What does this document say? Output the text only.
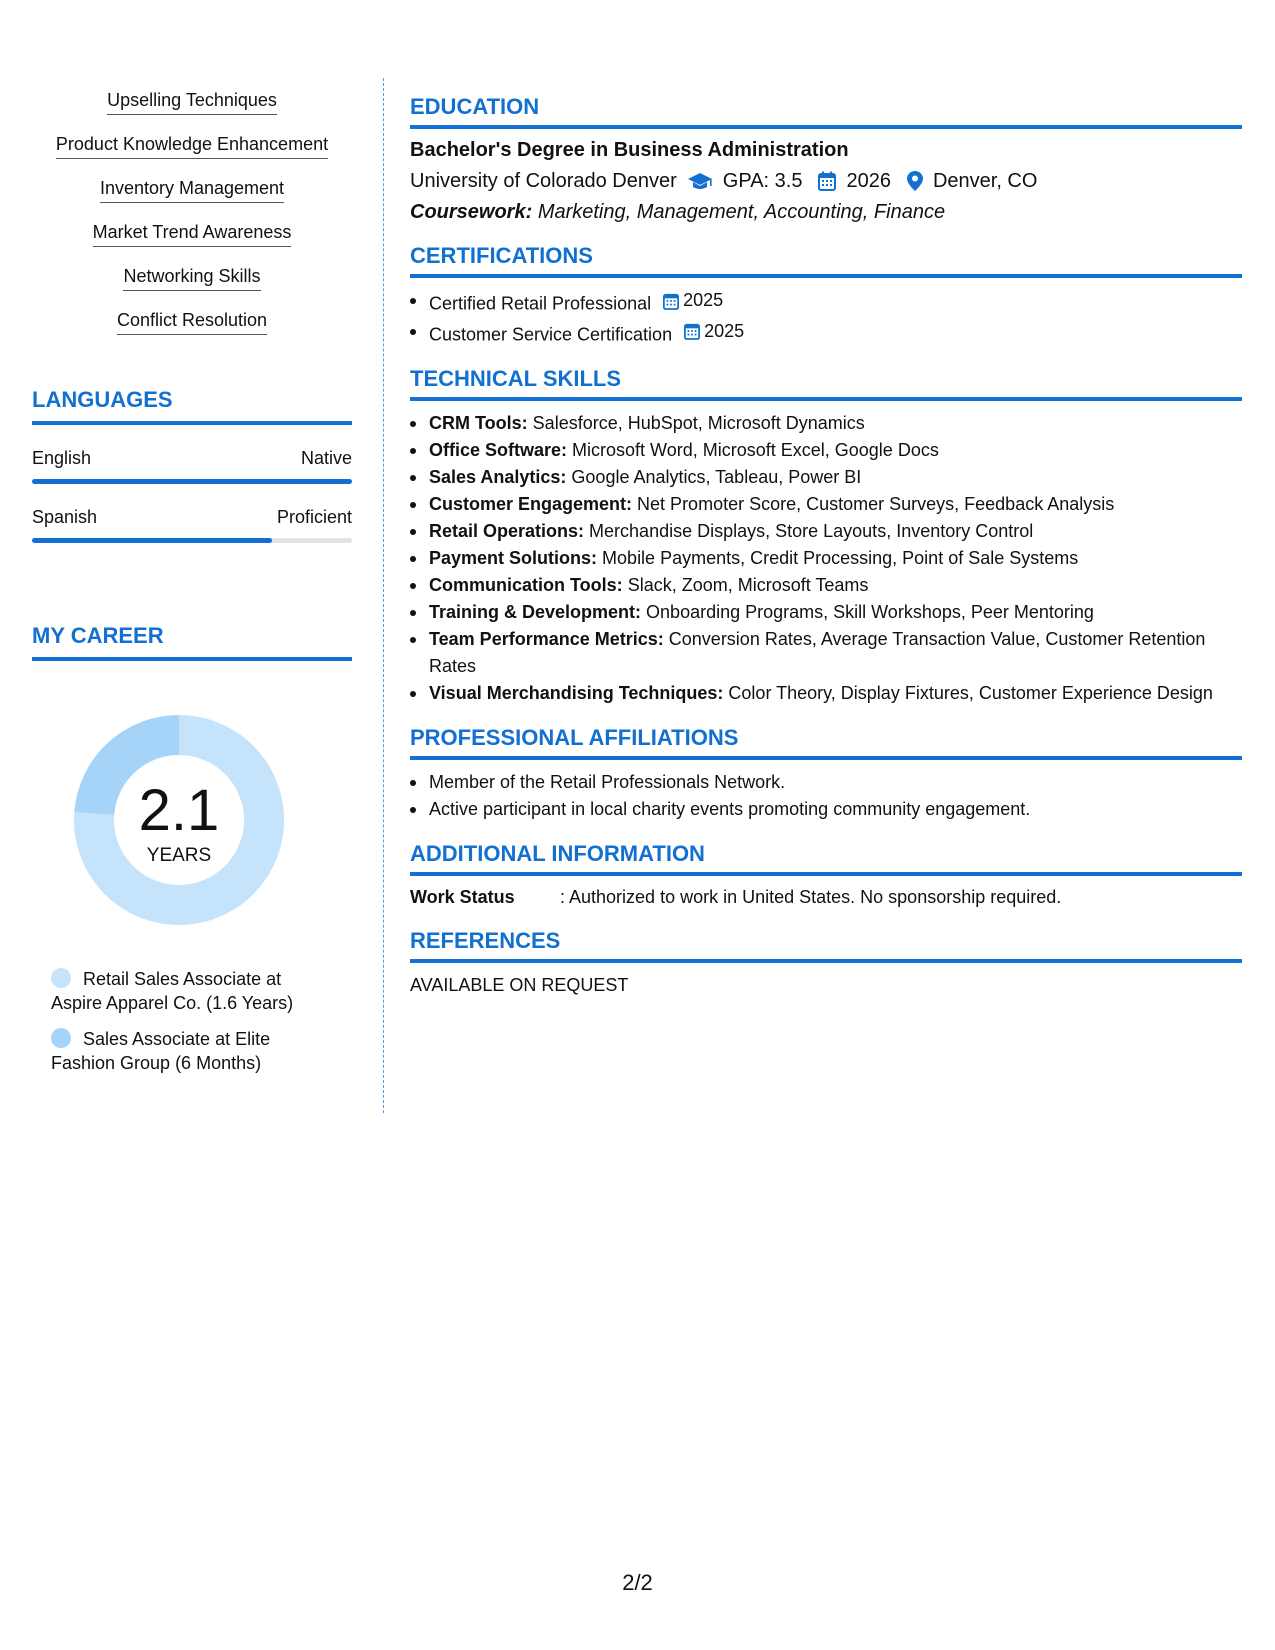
Upselling Techniques
Product Knowledge Enhancement
Inventory Management
Market Trend Awareness
Networking Skills
Conflict Resolution
LANGUAGES
English	Native
Spanish	Proficient
MY CAREER
2.1
YEARS
Retail Sales Associate at Aspire Apparel Co. (1.6 Years)
Sales Associate at Elite Fashion Group (6 Months)
EDUCATION
Bachelor's Degree in Business Administration
University of Colorado Denver GPA: 3.5 2026 Denver, CO
Coursework: Marketing, Management, Accounting, Finance
CERTIFICATIONS
Certified Retail Professional 2025
Customer Service Certification 2025
TECHNICAL SKILLS
CRM Tools: Salesforce, HubSpot, Microsoft Dynamics
Office Software: Microsoft Word, Microsoft Excel, Google Docs
Sales Analytics: Google Analytics, Tableau, Power BI
Customer Engagement: Net Promoter Score, Customer Surveys, Feedback Analysis
Retail Operations: Merchandise Displays, Store Layouts, Inventory Control
Payment Solutions: Mobile Payments, Credit Processing, Point of Sale Systems
Communication Tools: Slack, Zoom, Microsoft Teams
Training & Development: Onboarding Programs, Skill Workshops, Peer Mentoring
Team Performance Metrics: Conversion Rates, Average Transaction Value, Customer Retention Rates
Visual Merchandising Techniques: Color Theory, Display Fixtures, Customer Experience Design
PROFESSIONAL AFFILIATIONS
Member of the Retail Professionals Network.
Active participant in local charity events promoting community engagement.
ADDITIONAL INFORMATION
Work Status	: Authorized to work in United States. No sponsorship required.
REFERENCES
AVAILABLE ON REQUEST
2/2
